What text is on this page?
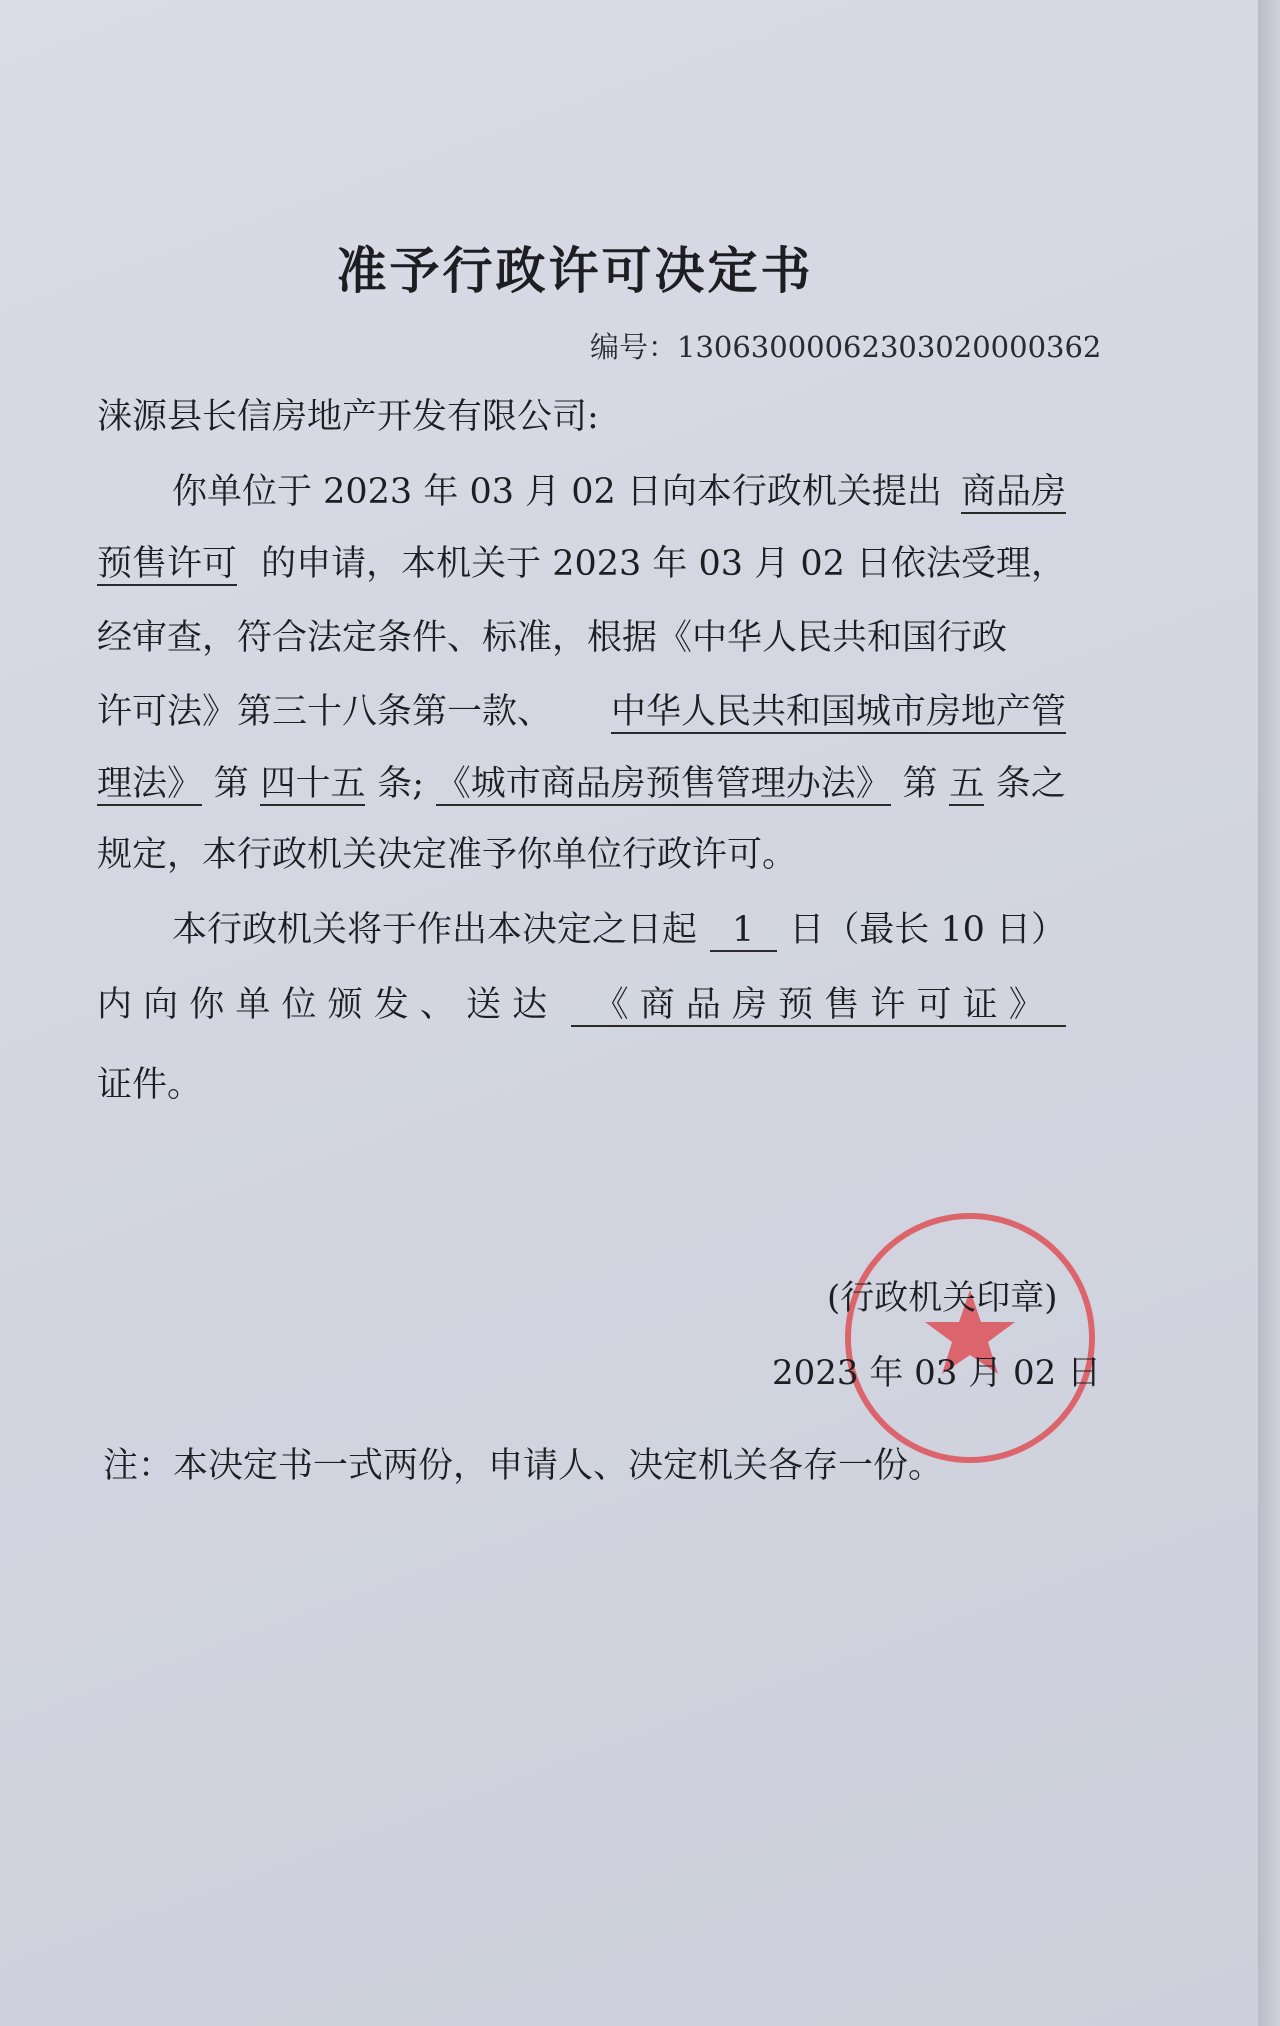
准予行政许可决定书
编号：13063000062303020000362
涞源县长信房地产开发有限公司:
你单位于 2023 年 03 月 02 日向本行政机关提出 商品房
预售许可 的申请，本机关于 2023 年 03 月 02 日依法受理，
经审查，符合法定条件、标准，根据《中华人民共和国行政
许可法》第三十八条第一款、 中华人民共和国城市房地产管
理法》 第 四十五 条; 《城市商品房预售管理办法》 第 五 条之
规定，本行政机关决定准予你单位行政许可。
本行政机关将于作出本决定之日起 1 日（最长 10 日）
内 向 你 单 位 颁 发 、 送 达 《 商 品 房 预 售 许 可 证 》
证件。
(行政机关印章)
2023 年 03 月 02 日
注：本决定书一式两份，申请人、决定机关各存一份。
